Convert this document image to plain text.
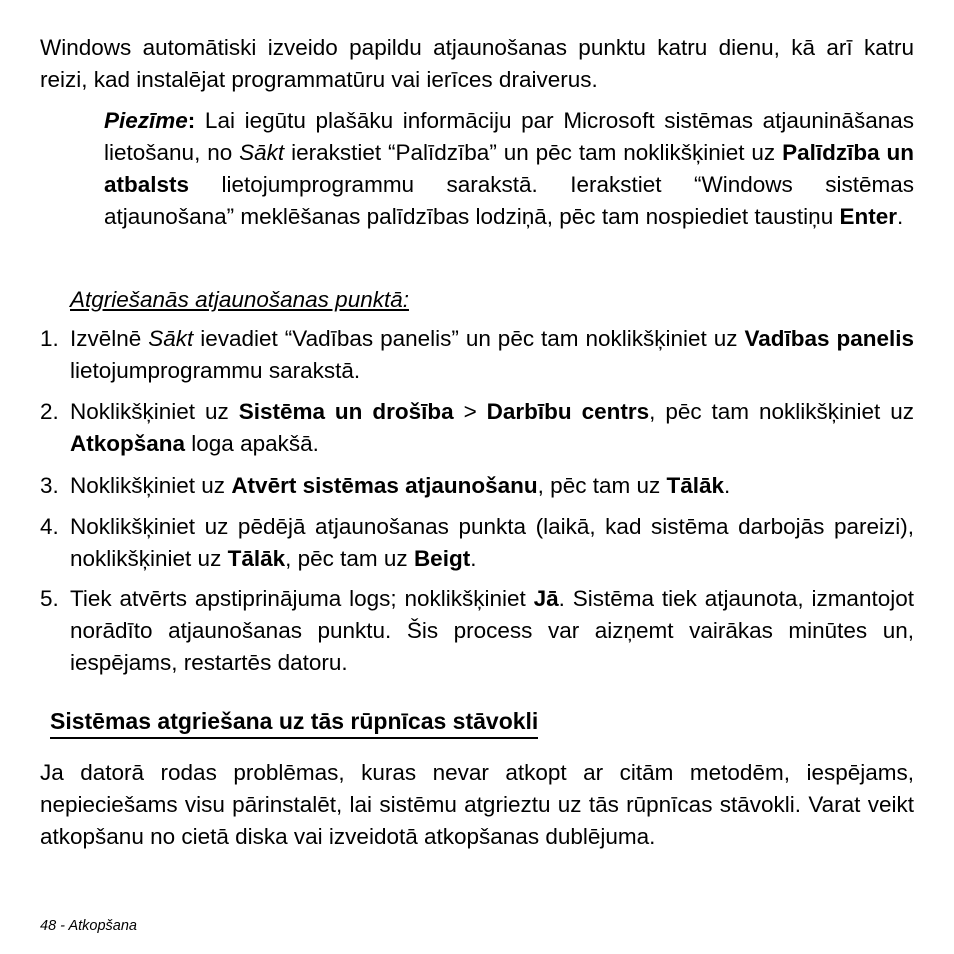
Windows automātiski izveido papildu atjaunošanas punktu katru dienu, kā arī katru reizi, kad instalējat programmatūru vai ierīces draiverus.

Piezīme: Lai iegūtu plašāku informāciju par Microsoft sistēmas atjaunināšanas lietošanu, no Sākt ierakstiet “Palīdzība” un pēc tam noklikšķiniet uz Palīdzība un atbalsts lietojumprogrammu sarakstā. Ierakstiet “Windows sistēmas atjaunošana” meklēšanas palīdzības lodziņā, pēc tam nospiediet taustiņu Enter.

Atgriešanās atjaunošanas punktā:

1. Izvēlnē Sākt ievadiet “Vadības panelis” un pēc tam noklikšķiniet uz Vadības panelis lietojumprogrammu sarakstā.
2. Noklikšķiniet uz Sistēma un drošība > Darbību centrs, pēc tam noklikšķiniet uz Atkopšana loga apakšā.
3. Noklikšķiniet uz Atvērt sistēmas atjaunošanu, pēc tam uz Tālāk.
4. Noklikšķiniet uz pēdējā atjaunošanas punkta (laikā, kad sistēma darbojās pareizi), noklikšķiniet uz Tālāk, pēc tam uz Beigt.
5. Tiek atvērts apstiprinājuma logs; noklikšķiniet Jā. Sistēma tiek atjaunota, izmantojot norādīto atjaunošanas punktu. Šis process var aizņemt vairākas minūtes un, iespējams, restartēs datoru.
Sistēmas atgriešana uz tās rūpnīcas stāvokli

Ja datorā rodas problēmas, kuras nevar atkopt ar citām metodēm, iespējams, nepieciešams visu pārinstalēt, lai sistēmu atgrieztu uz tās rūpnīcas stāvokli. Varat veikt atkopšanu no cietā diska vai izveidotā atkopšanas dublējuma.

48 - Atkopšana
